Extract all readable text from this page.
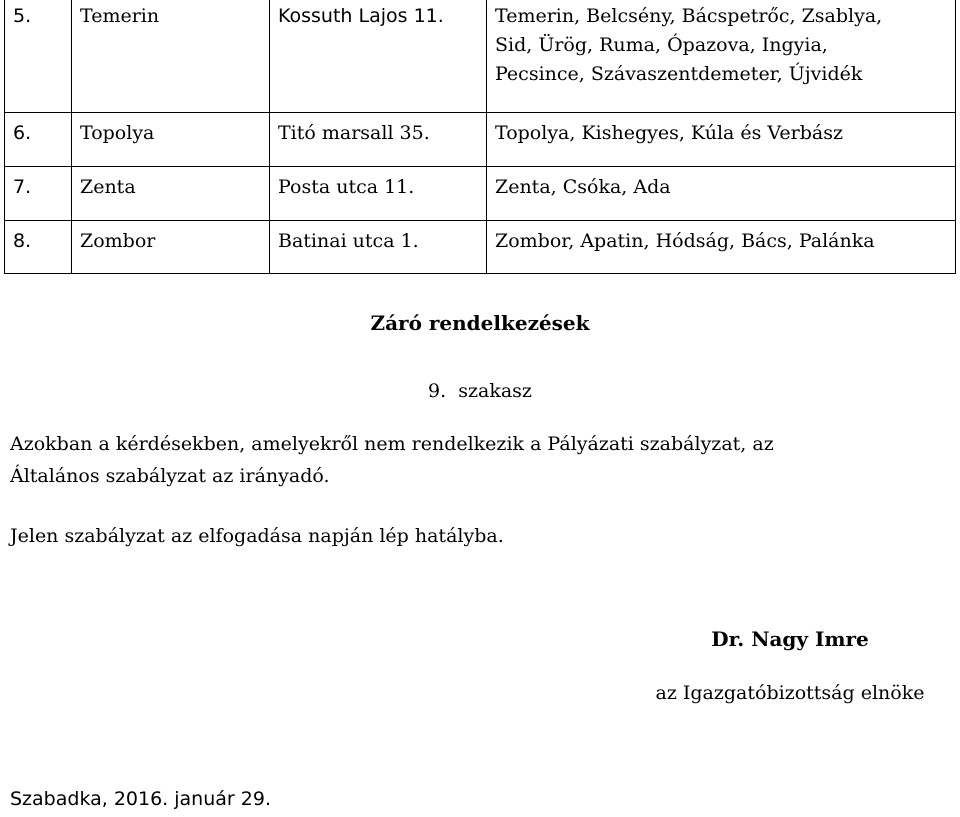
5.	Temerin	Kossuth Lajos 11.	Temerin, Belcsény, Bácspetrőc, Zsablya,
Sid, Ürög, Ruma, Ópazova, Ingyia,
Pecsince, Szávaszentdemeter, Újvidék

6.	Topolya	Titó marsall 35.	Topolya, Kishegyes, Kúla és Verbász

7.	Zenta	Posta utca 11.	Zenta, Csóka, Ada

8.	Zombor	Batinai utca 1.	Zombor, Apatin, Hódság, Bács, Palánka
Záró rendelkezések
9.  szakasz
Azokban a kérdésekben, amelyekről nem rendelkezik a Pályázati szabályzat, az
Általános szabályzat az irányadó.
Jelen szabályzat az elfogadása napján lép hatályba.
Dr. Nagy Imre
az Igazgatóbizottság elnöke
Szabadka, 2016. január 29.
